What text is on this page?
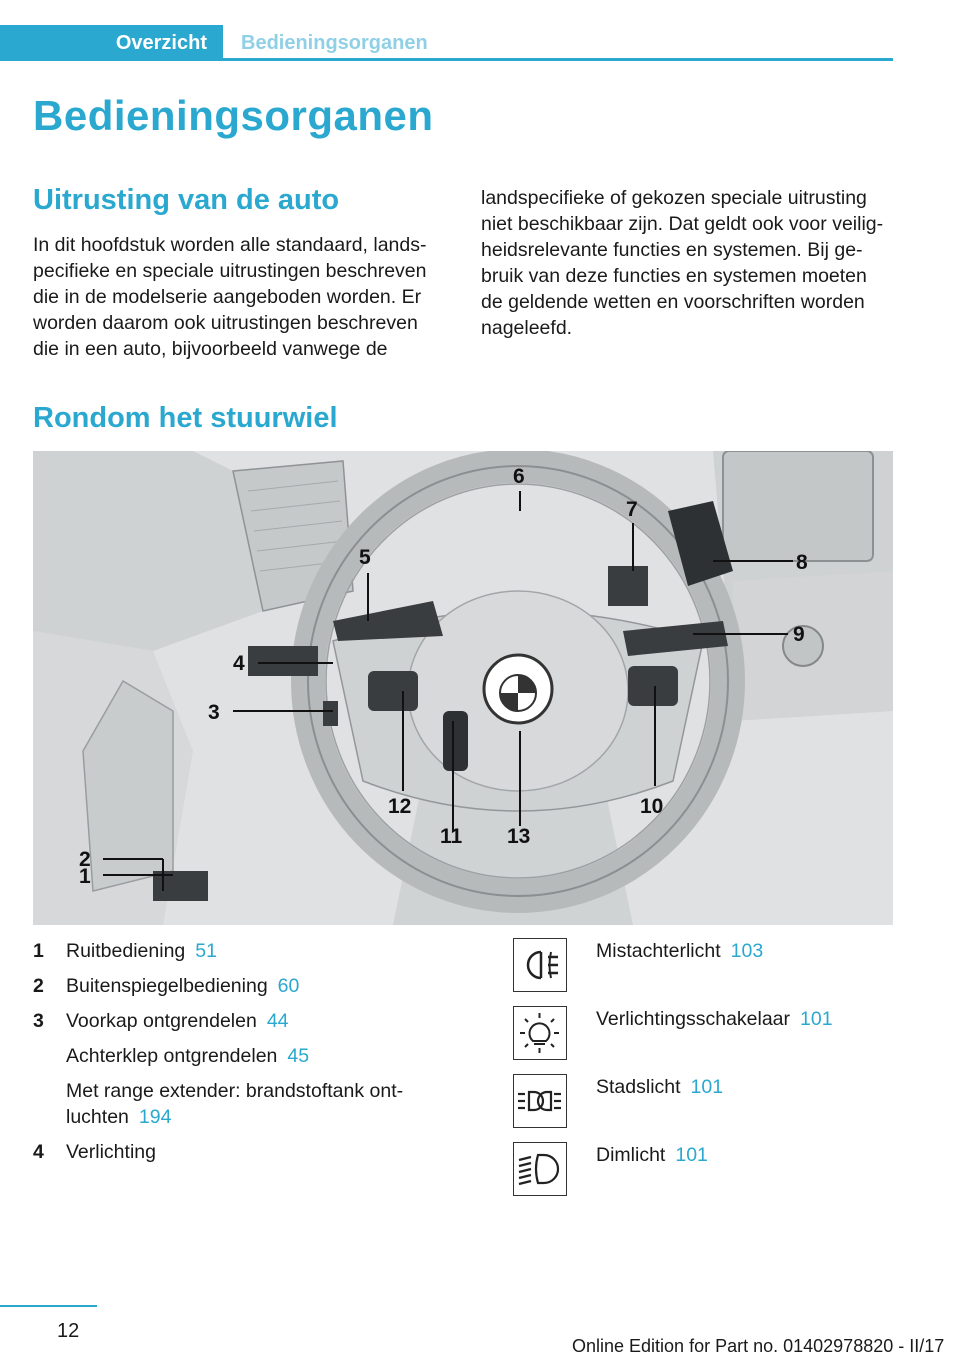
Overzicht	Bedieningsorganen
Bedieningsorganen
Uitrusting van de auto

In dit hoofdstuk worden alle standaard, landspecifieke en speciale uitrustingen beschreven die in de modelserie aangeboden worden. Er worden daarom ook uitrustingen beschreven die in een auto, bijvoorbeeld vanwege de

landspecifieke of gekozen speciale uitrusting niet beschikbaar zijn. Dat geldt ook voor veiligheidsrelevante functies en systemen. Bij gebruik van deze functies en systemen moeten de geldende wetten en voorschriften worden nageleefd.

Rondom het stuurwiel
1
2
3
4
5
6
7
8
9
10
11
12
13
1 Ruitbediening 51
2 Buitenspiegelbediening 60
3 Voorkap ontgrendelen 44
Achterklep ontgrendelen 45
Met range extender: brandstoftank ontluchten 194
4 Verlichting
Mistachterlicht 103
Verlichtingsschakelaar 101
Stadslicht 101
Dimlicht 101
12
Online Edition for Part no. 01402978820 - II/17
